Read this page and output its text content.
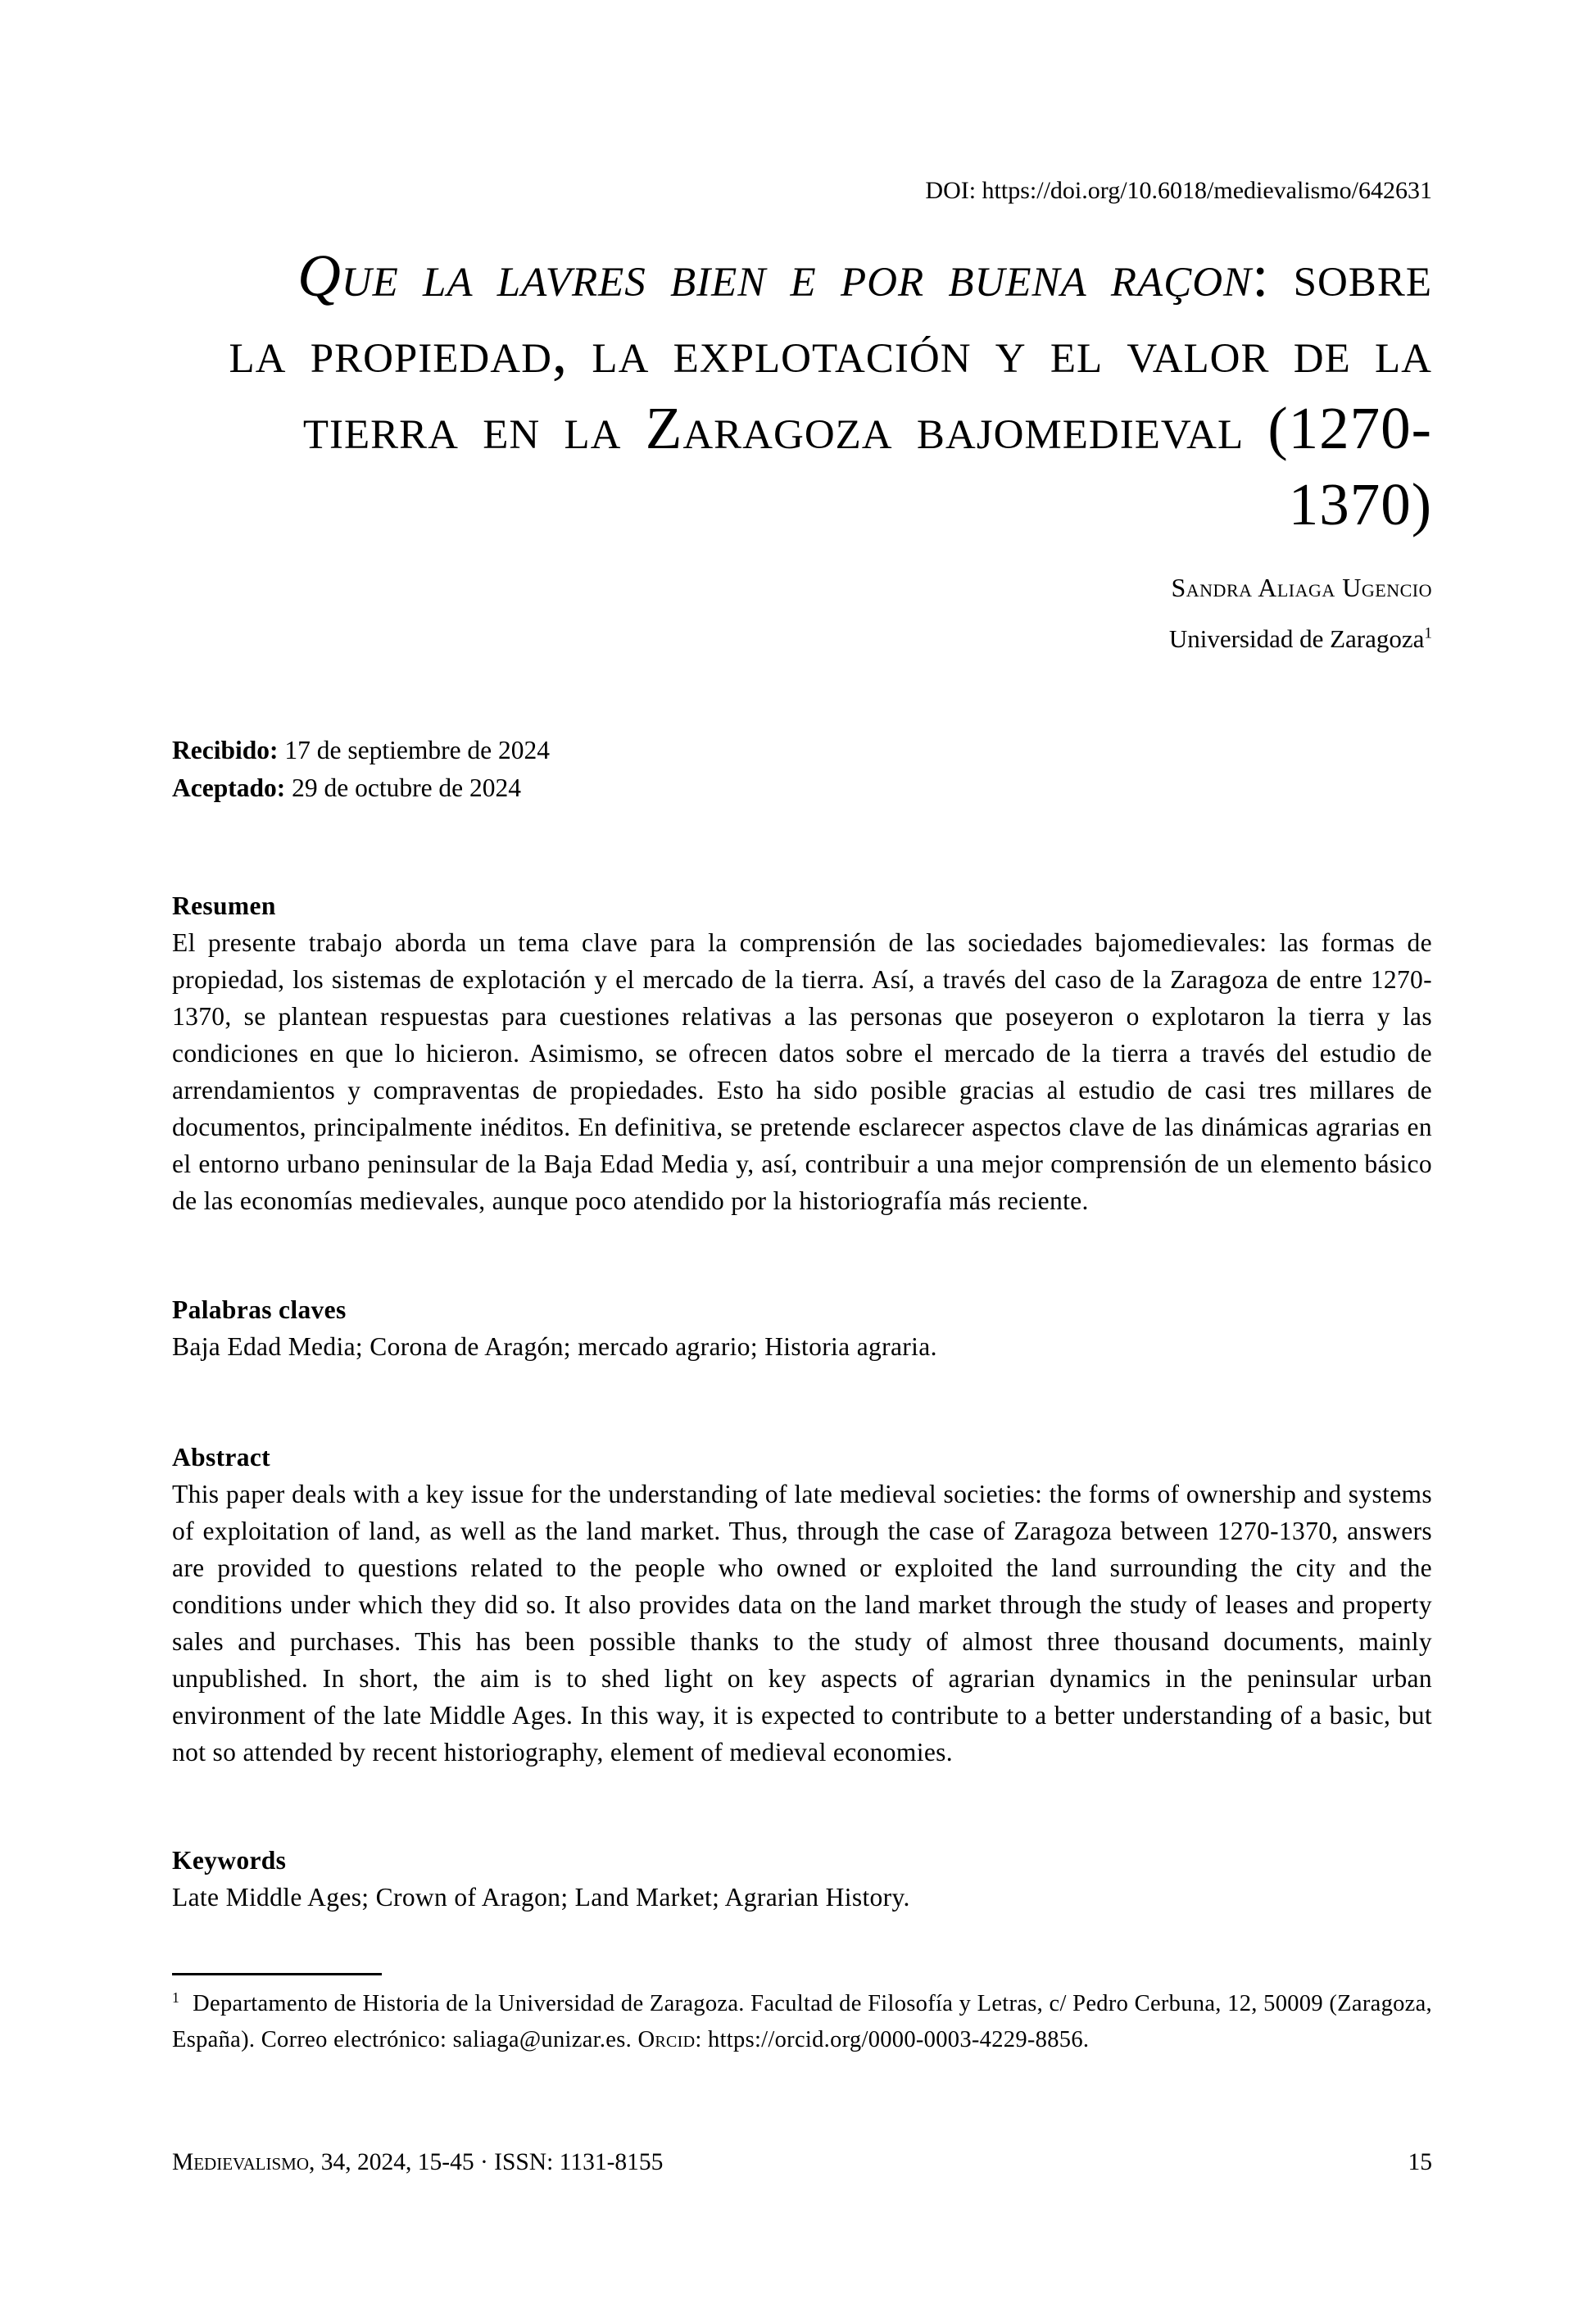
DOI: https://doi.org/10.6018/medievalismo/642631
Que la lavres bien e por buena raçon: sobre
la propiedad, la explotación y el valor de la
tierra en la Zaragoza bajomedieval (1270-1370)
Sandra Aliaga Ugencio
Universidad de Zaragoza$^1$
Recibido: 17 de septiembre de 2024
Aceptado: 29 de octubre de 2024
Resumen

El presente trabajo aborda un tema clave para la comprensión de las sociedades bajomedievales: las formas de propiedad, los sistemas de explotación y el mercado de la tierra. Así, a través del caso de la Zaragoza de entre 1270-1370, se plantean respuestas para cuestiones relativas a las personas que poseyeron o explotaron la tierra y las condiciones en que lo hicieron. Asimismo, se ofrecen datos sobre el mercado de la tierra a través del estudio de arrendamientos y compraventas de propiedades. Esto ha sido posible gracias al estudio de casi tres millares de documentos, principalmente inéditos. En definitiva, se pretende esclarecer aspectos clave de las dinámicas agrarias en el entorno urbano peninsular de la Baja Edad Media y, así, contribuir a una mejor comprensión de un elemento básico de las economías medievales, aunque poco atendido por la historiografía más reciente.

Palabras claves

Baja Edad Media; Corona de Aragón; mercado agrario; Historia agraria.

Abstract

This paper deals with a key issue for the understanding of late medieval societies: the forms of ownership and systems of exploitation of land, as well as the land market. Thus, through the case of Zaragoza between 1270-1370, answers are provided to questions related to the people who owned or exploited the land surrounding the city and the conditions under which they did so. It also provides data on the land market through the study of leases and property sales and purchases. This has been possible thanks to the study of almost three thousand documents, mainly unpublished. In short, the aim is to shed light on key aspects of agrarian dynamics in the peninsular urban environment of the late Middle Ages. In this way, it is expected to contribute to a better understanding of a basic, but not so attended by recent historiography, element of medieval economies.

Keywords

Late Middle Ages; Crown of Aragon; Land Market; Agrarian History.

$^1$ Departamento de Historia de la Universidad de Zaragoza. Facultad de Filosofía y Letras, c/ Pedro Cerbuna, 12, 50009 (Zaragoza, España). Correo electrónico: saliaga@unizar.es. Orcid: https://orcid.org/0000-0003-4229-8856.
Medievalismo, 34, 2024, 15-45 · ISSN: 1131-8155	15
